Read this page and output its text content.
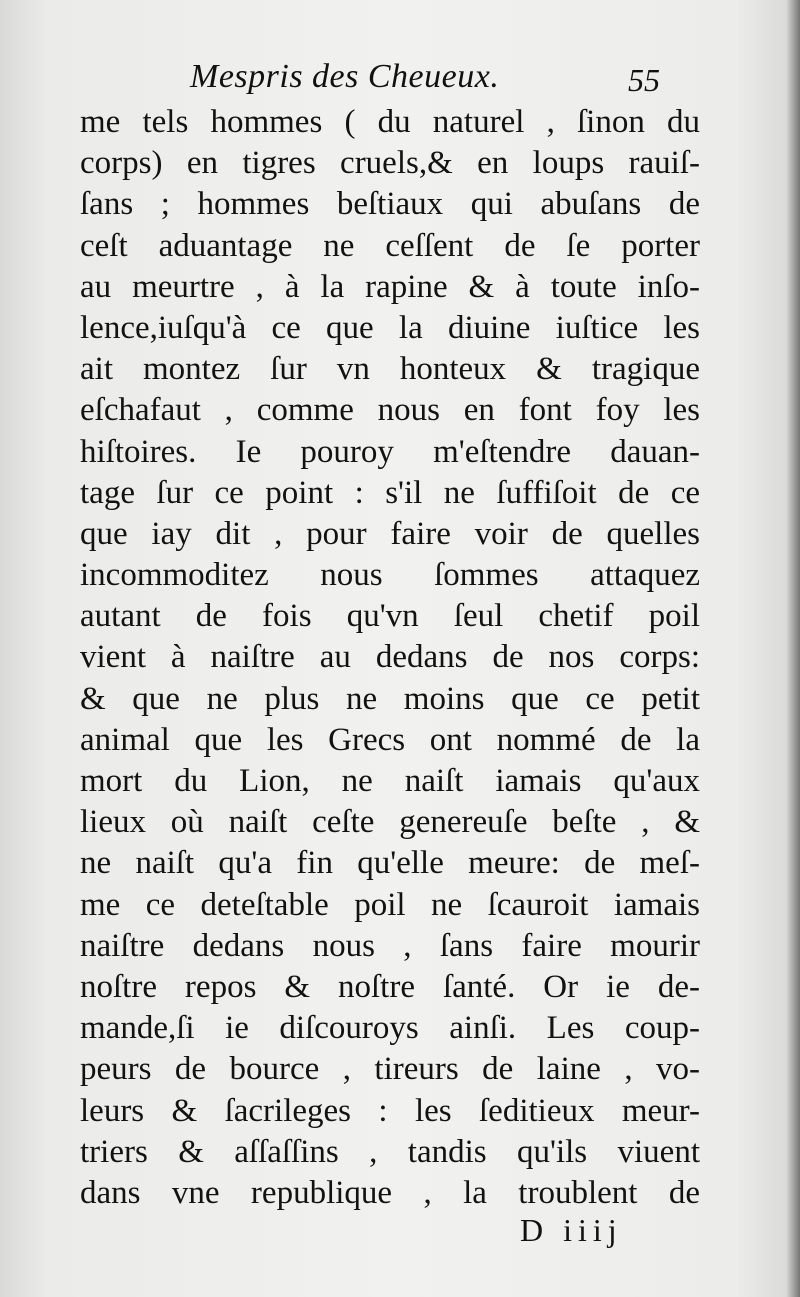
Mespris des Cheueux.	55
me tels hommes ( du naturel , ſinon du
corps) en tigres cruels,& en loups rauiſ-
ſans ; hommes beſtiaux qui abuſans de
ceſt aduantage ne ceſſent de ſe porter
au meurtre , à la rapine & à toute inſo-
lence,iuſqu'à ce que la diuine iuſtice les
ait montez ſur vn honteux & tragique
eſchafaut , comme nous en font foy les
hiſtoires. Ie pouroy m'eſtendre dauan-
tage ſur ce point : s'il ne ſuffiſoit de ce
que iay dit , pour faire voir de quelles
incommoditez nous ſommes attaquez
autant de fois qu'vn ſeul chetif poil
vient à naiſtre au dedans de nos corps:
& que ne plus ne moins que ce petit
animal que les Grecs ont nommé de la
mort du Lion, ne naiſt iamais qu'aux
lieux où naiſt ceſte genereuſe beſte , &
ne naiſt qu'a fin qu'elle meure: de meſ-
me ce deteſtable poil ne ſcauroit iamais
naiſtre dedans nous , ſans faire mourir
noſtre repos & noſtre ſanté. Or ie de-
mande,ſi ie diſcouroys ainſi. Les coup-
peurs de bource , tireurs de laine , vo-
leurs & ſacrileges : les ſeditieux meur-
triers & aſſaſſins , tandis qu'ils viuent
dans vne republique , la troublent de
D iiij
